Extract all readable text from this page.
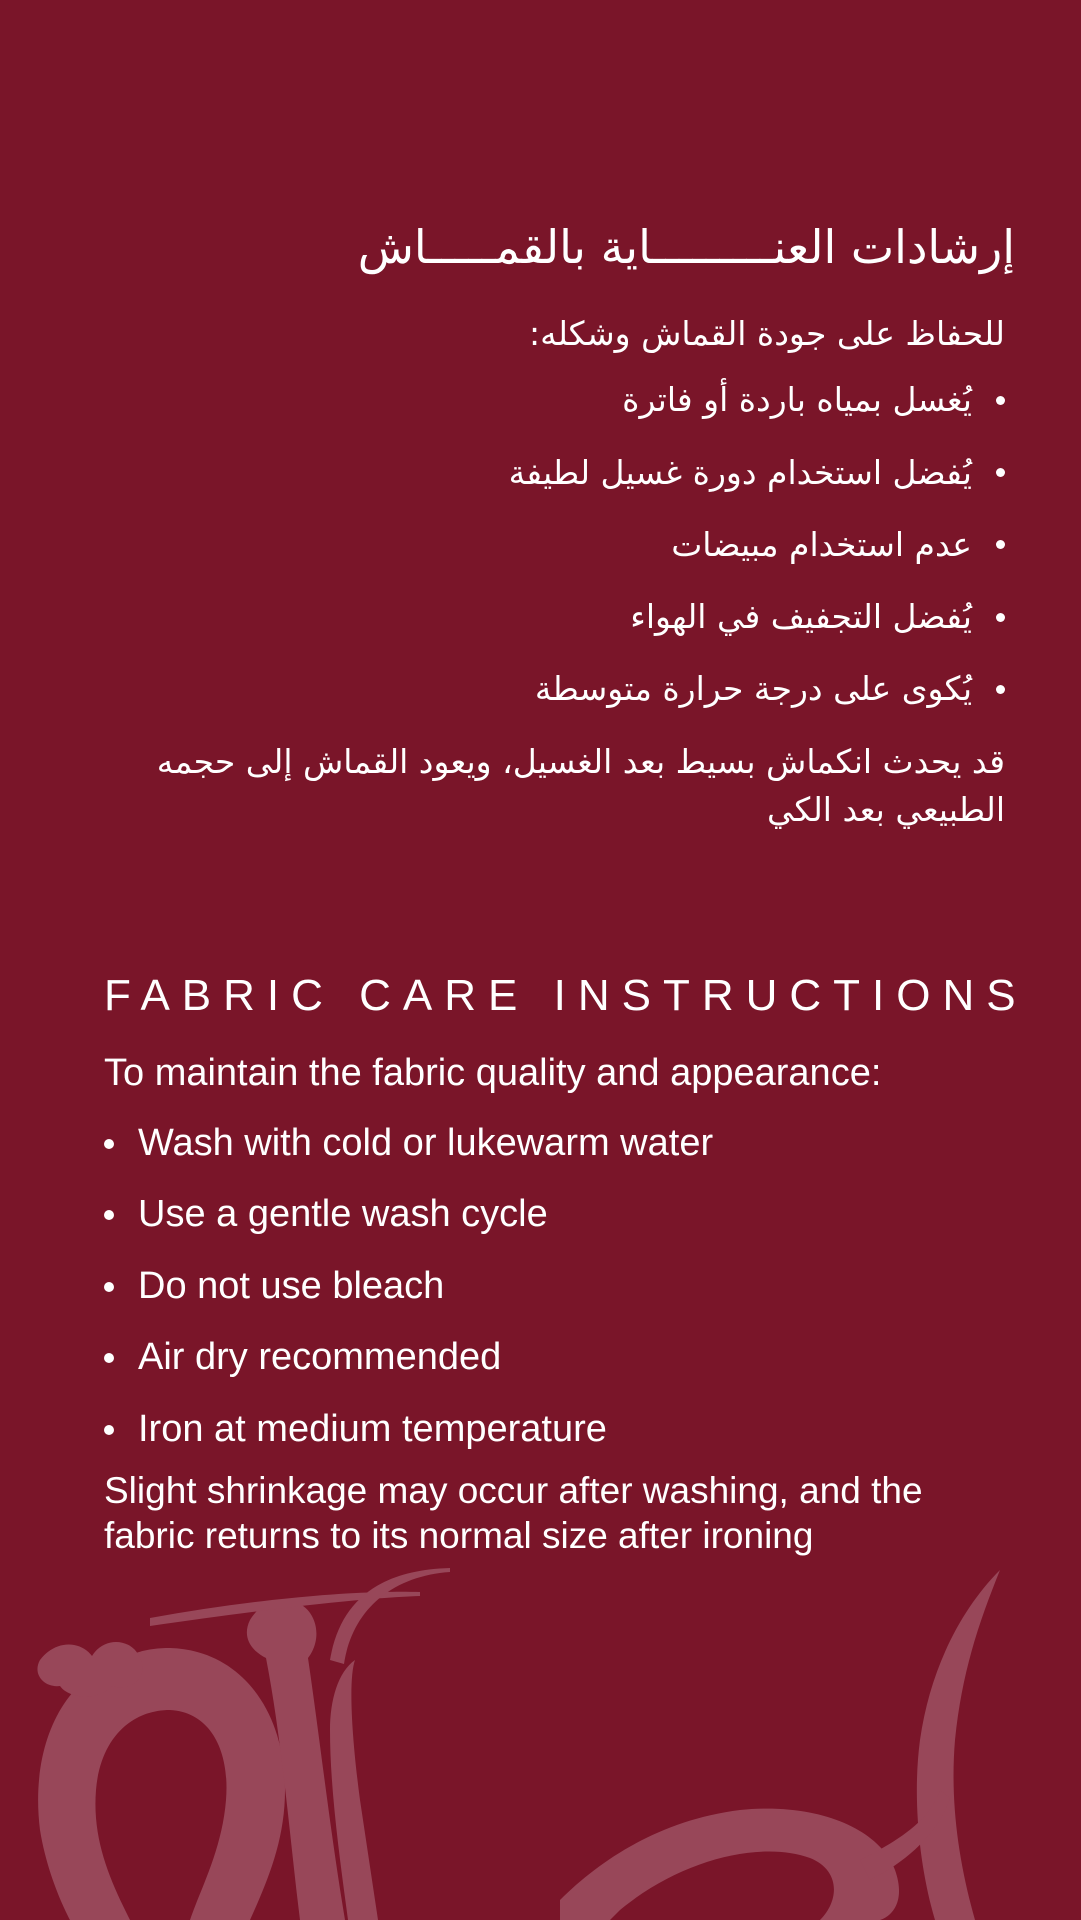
إرشادات العنـــــــــاية بالقمـــــاش

للحفاظ على جودة القماش وشكله:

يُغسل بمياه باردة أو فاترة
يُفضل استخدام دورة غسيل لطيفة
عدم استخدام مبيضات
يُفضل التجفيف في الهواء
يُكوى على درجة حرارة متوسطة

قد يحدث انكماش بسيط بعد الغسيل، ويعود القماش إلى حجمه الطبيعي بعد الكي

FABRIC CARE INSTRUCTIONS

To maintain the fabric quality and appearance:

Wash with cold or lukewarm water
Use a gentle wash cycle
Do not use bleach
Air dry recommended
Iron at medium temperature

Slight shrinkage may occur after washing, and the fabric returns to its normal size after ironing
